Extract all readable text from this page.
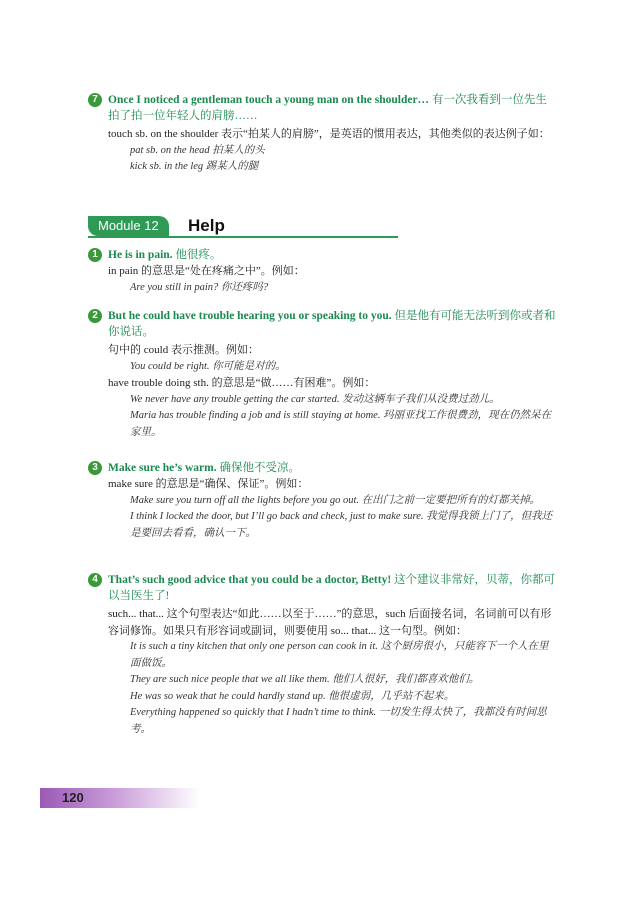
7 Once I noticed a gentleman touch a young man on the shoulder… 有一次我看到一位先生拍了拍一位年轻人的肩膀……
touch sb. on the shoulder 表示“拍某人的肩膀”，是英语的惯用表达，其他类似的表达例子如：
pat sb. on the head 拍某人的头
kick sb. in the leg 踢某人的腿
Module 12	Help
1 He is in pain. 他很疼。
in pain 的意思是“处在疼痛之中”。例如：
Are you still in pain? 你还疼吗?
2 But he could have trouble hearing you or speaking to you. 但是他有可能无法听到你或者和你说话。
句中的 could 表示推测。例如：
You could be right. 你可能是对的。
have trouble doing sth. 的意思是“做……有困难”。例如：
We never have any trouble getting the car started. 发动这辆车子我们从没费过劲儿。
Maria has trouble finding a job and is still staying at home. 玛丽亚找工作很费劲，现在仍然呆在家里。
3 Make sure he’s warm. 确保他不受凉。
make sure 的意思是“确保、保证”。例如：
Make sure you turn off all the lights before you go out. 在出门之前一定要把所有的灯都关掉。
I think I locked the door, but I’ll go back and check, just to make sure. 我觉得我锁上门了，但我还是要回去看看，确认一下。
4 That’s such good advice that you could be a doctor, Betty! 这个建议非常好，贝蒂，你都可以当医生了!
such... that... 这个句型表达“如此……以至于……”的意思，such 后面接名词，名词前可以有形容词修饰。如果只有形容词或副词，则要使用 so... that... 这一句型。例如：
It is such a tiny kitchen that only one person can cook in it. 这个厨房很小，只能容下一个人在里面做饭。
They are such nice people that we all like them. 他们人很好，我们都喜欢他们。
He was so weak that he could hardly stand up. 他很虚弱，几乎站不起来。
Everything happened so quickly that I hadn’t time to think. 一切发生得太快了，我都没有时间思考。
120
